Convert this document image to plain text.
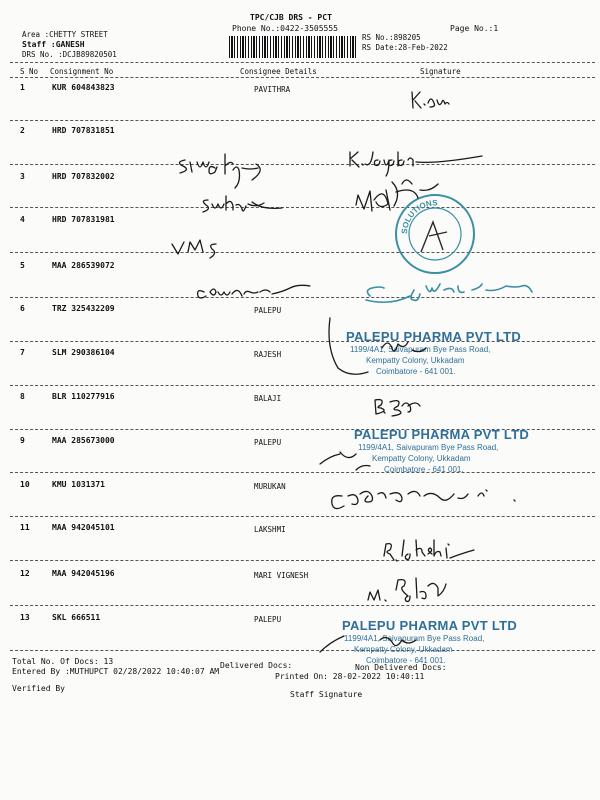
TPC/CJB DRS - PCT
Phone No.:0422-3505555	Page No.:1
Area :CHETTY STREET
Staff :GANESH
DRS No. :DCJB89820501
RS No.:898205
RS Date:28-Feb-2022
S No Consignment No	Consignee Details	Signature
1	KUR 604843823	PAVITHRA
2	HRD 707831851
3	HRD 707832002
4	HRD 707831981
5	MAA 286539072
6	TRZ 325432209	PALEPU
7	SLM 290386104	RAJESH
8	BLR 110277916	BALAJI
9	MAA 285673000	PALEPU
10	KMU 1031371	MURUKAN
11	MAA 942045101	LAKSHMI
12	MAA 942045196	MARI VIGNESH
13	SKL 666511	PALEPU
Total No. Of Docs: 13	Delivered Docs:	Non Delivered Docs:
Entered By :MUTHUPCT 02/28/2022 10:40:07 AM
Printed On: 28-02-2022 10:40:11
Verified By
Staff Signature
SOLUTIONS
PALEPU PHARMA PVT LTD
1199/4A1, Saivapuram Bye Pass Road,
Kempatty Colony, Ukkadam
Coimbatore - 641 001.
PALEPU PHARMA PVT LTD
1199/4A1, Saivapuram Bye Pass Road,
Kempatty Colony, Ukkadam
Coimbatore - 641 001.
PALEPU PHARMA PVT LTD
1199/4A1, Saivapuram Bye Pass Road,
Kempatty Colony, Ukkadam
Coimbatore - 641 001.
